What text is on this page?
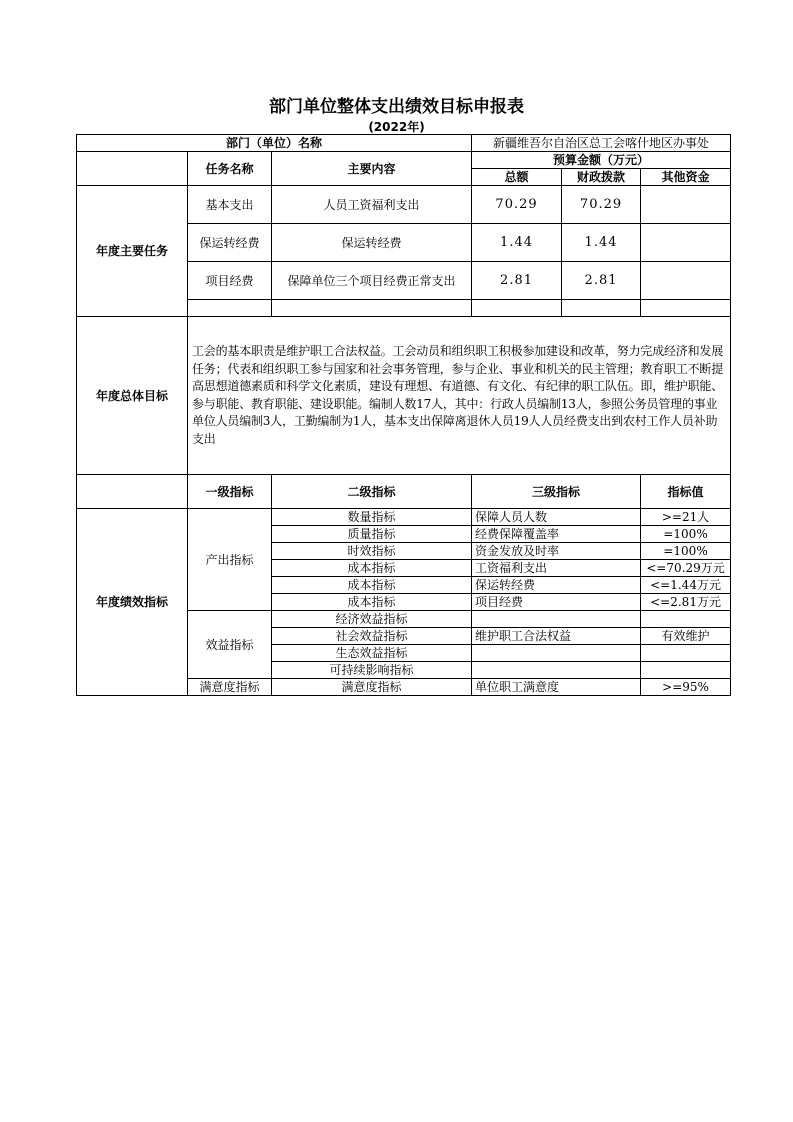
部门单位整体支出绩效目标申报表
(2022年)
部门（单位）名称			新疆维吾尔自治区总工会喀什地区办事处		
	任务名称	主要内容	预算金额（万元）		
			总额	财政拨款	其他资金
年度主要任务	基本支出	人员工资福利支出	70.29	70.29	
	保运转经费	保运转经费	1.44	1.44	
	项目经费	保障单位三个项目经费正常支出	2.81	2.81	

年度总体目标	工会的基本职责是维护职工合法权益。工会动员和组织职工积极参加建设和改革，努力完成经济和发展任务；代表和组织职工参与国家和社会事务管理，参与企业、事业和机关的民主管理；教育职工不断提高思想道德素质和科学文化素质，建设有理想、有道德、有文化、有纪律的职工队伍。即，维护职能、参与职能、教育职能、建设职能。编制人数17人，其中：行政人员编制13人，参照公务员管理的事业单位人员编制3人，工勤编制为1人，基本支出保障离退休人员19人人员经费支出到农村工作人员补助支出				
	一级指标	二级指标	三级指标		指标值
年度绩效指标	产出指标	数量指标	保障人员人数		>=21人
		质量指标	经费保障覆盖率		=100%
		时效指标	资金发放及时率		=100%
		成本指标	工资福利支出		<=70.29万元
		成本指标	保运转经费		<=1.44万元
		成本指标	项目经费		<=2.81万元
	效益指标	经济效益指标			
		社会效益指标	维护职工合法权益		有效维护
		生态效益指标			
		可持续影响指标			
	满意度指标	满意度指标	单位职工满意度		>=95%
